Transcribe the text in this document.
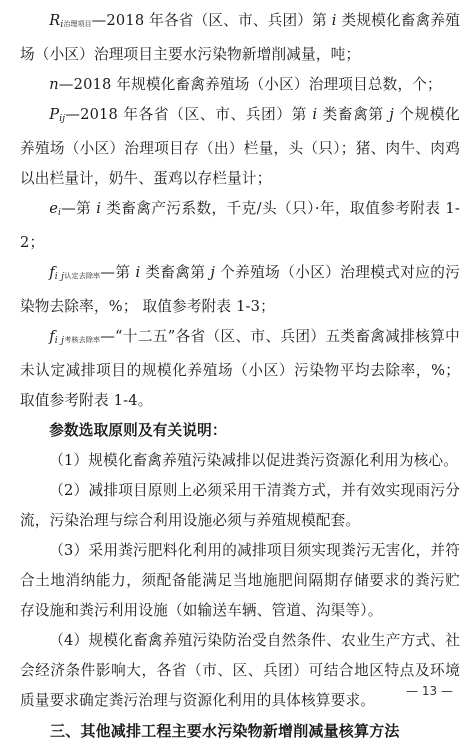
Ri治理项目—2018 年各省（区、市、兵团）第 i 类规模化畜禽养殖场（小区）治理项目主要水污染物新增削减量，吨；

n—2018 年规模化畜禽养殖场（小区）治理项目总数，个；

Pij—2018 年各省（区、市、兵团）第 i 类畜禽第 j 个规模化养殖场（小区）治理项目存（出）栏量，头（只）；猪、肉牛、肉鸡以出栏量计，奶牛、蛋鸡以存栏量计；

ei—第 i 类畜禽产污系数，千克/头（只）·年，取值参考附表 1-2；

fi j认定去除率—第 i 类畜禽第 j 个养殖场（小区）治理模式对应的污染物去除率，%； 取值参考附表 1-3；

fi j考核去除率—“十二五”各省（区、市、兵团）五类畜禽减排核算中未认定减排项目的规模化养殖场（小区）污染物平均去除率，%；取值参考附表 1-4。

参数选取原则及有关说明：

（1）规模化畜禽养殖污染减排以促进粪污资源化利用为核心。

（2）减排项目原则上必须采用干清粪方式，并有效实现雨污分流，污染治理与综合利用设施必须与养殖规模配套。

（3）采用粪污肥料化利用的减排项目须实现粪污无害化，并符合土地消纳能力，须配备能满足当地施肥间隔期存储要求的粪污贮存设施和粪污利用设施（如输送车辆、管道、沟渠等）。

（4）规模化畜禽养殖污染防治受自然条件、农业生产方式、社会经济条件影响大，各省（市、区、兵团）可结合地区特点及环境质量要求确定粪污治理与资源化利用的具体核算要求。

三、其他减排工程主要水污染物新增削减量核算方法

— 13 —
